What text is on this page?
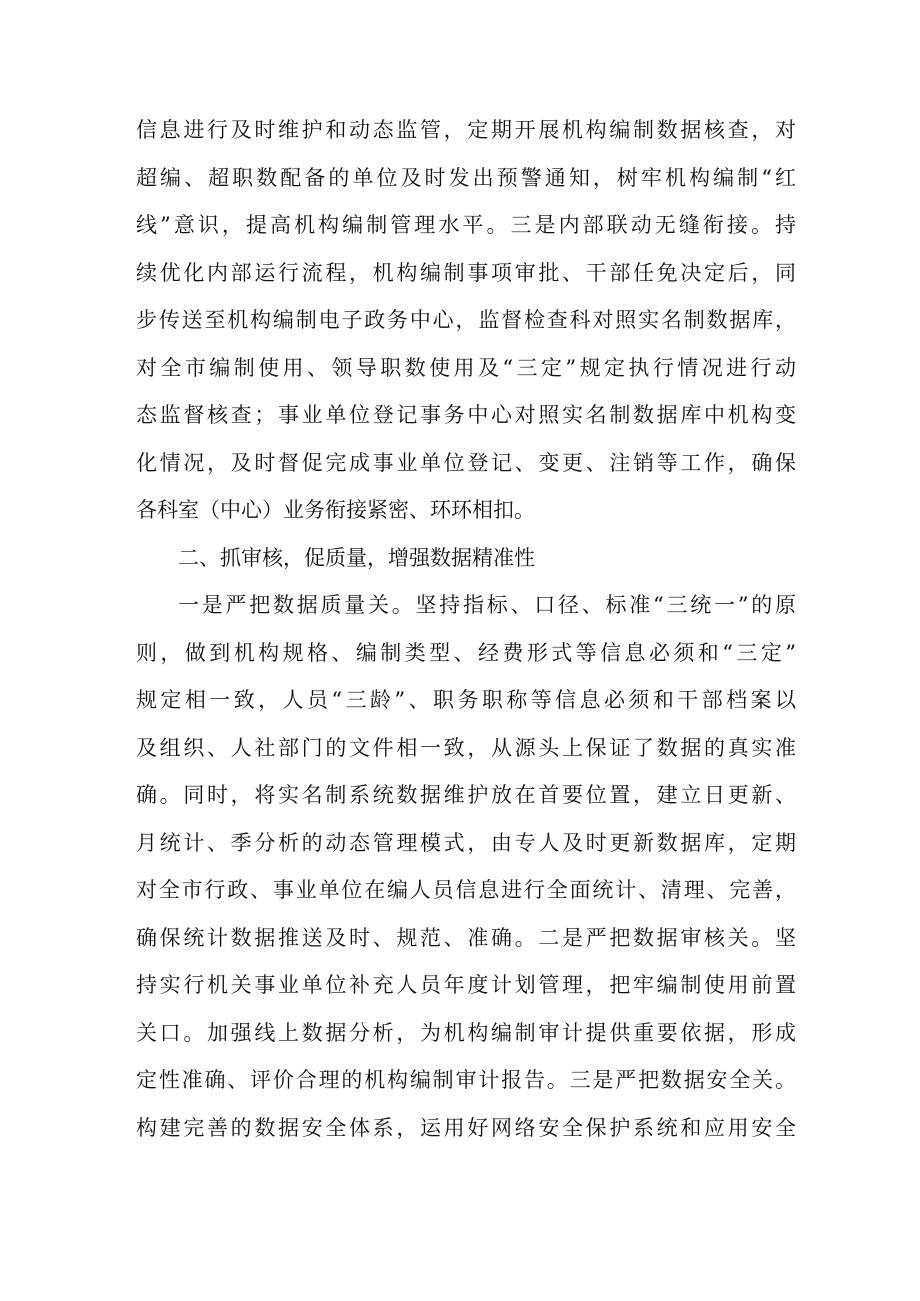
信息进行及时维护和动态监管，定期开展机构编制数据核查，对
超编、超职数配备的单位及时发出预警通知，树牢机构编制“红
线”意识，提高机构编制管理水平。三是内部联动无缝衔接。持
续优化内部运行流程，机构编制事项审批、干部任免决定后，同
步传送至机构编制电子政务中心，监督检查科对照实名制数据库，
对全市编制使用、领导职数使用及“三定”规定执行情况进行动
态监督核查；事业单位登记事务中心对照实名制数据库中机构变
化情况，及时督促完成事业单位登记、变更、注销等工作，确保
各科室（中心）业务衔接紧密、环环相扣。
二、抓审核，促质量，增强数据精准性
一是严把数据质量关。坚持指标、口径、标准“三统一”的原
则，做到机构规格、编制类型、经费形式等信息必须和“三定”
规定相一致，人员“三龄”、职务职称等信息必须和干部档案以
及组织、人社部门的文件相一致，从源头上保证了数据的真实准
确。同时，将实名制系统数据维护放在首要位置，建立日更新、
月统计、季分析的动态管理模式，由专人及时更新数据库，定期
对全市行政、事业单位在编人员信息进行全面统计、清理、完善，
确保统计数据推送及时、规范、准确。二是严把数据审核关。坚
持实行机关事业单位补充人员年度计划管理，把牢编制使用前置
关口。加强线上数据分析，为机构编制审计提供重要依据，形成
定性准确、评价合理的机构编制审计报告。三是严把数据安全关。
构建完善的数据安全体系，运用好网络安全保护系统和应用安全
